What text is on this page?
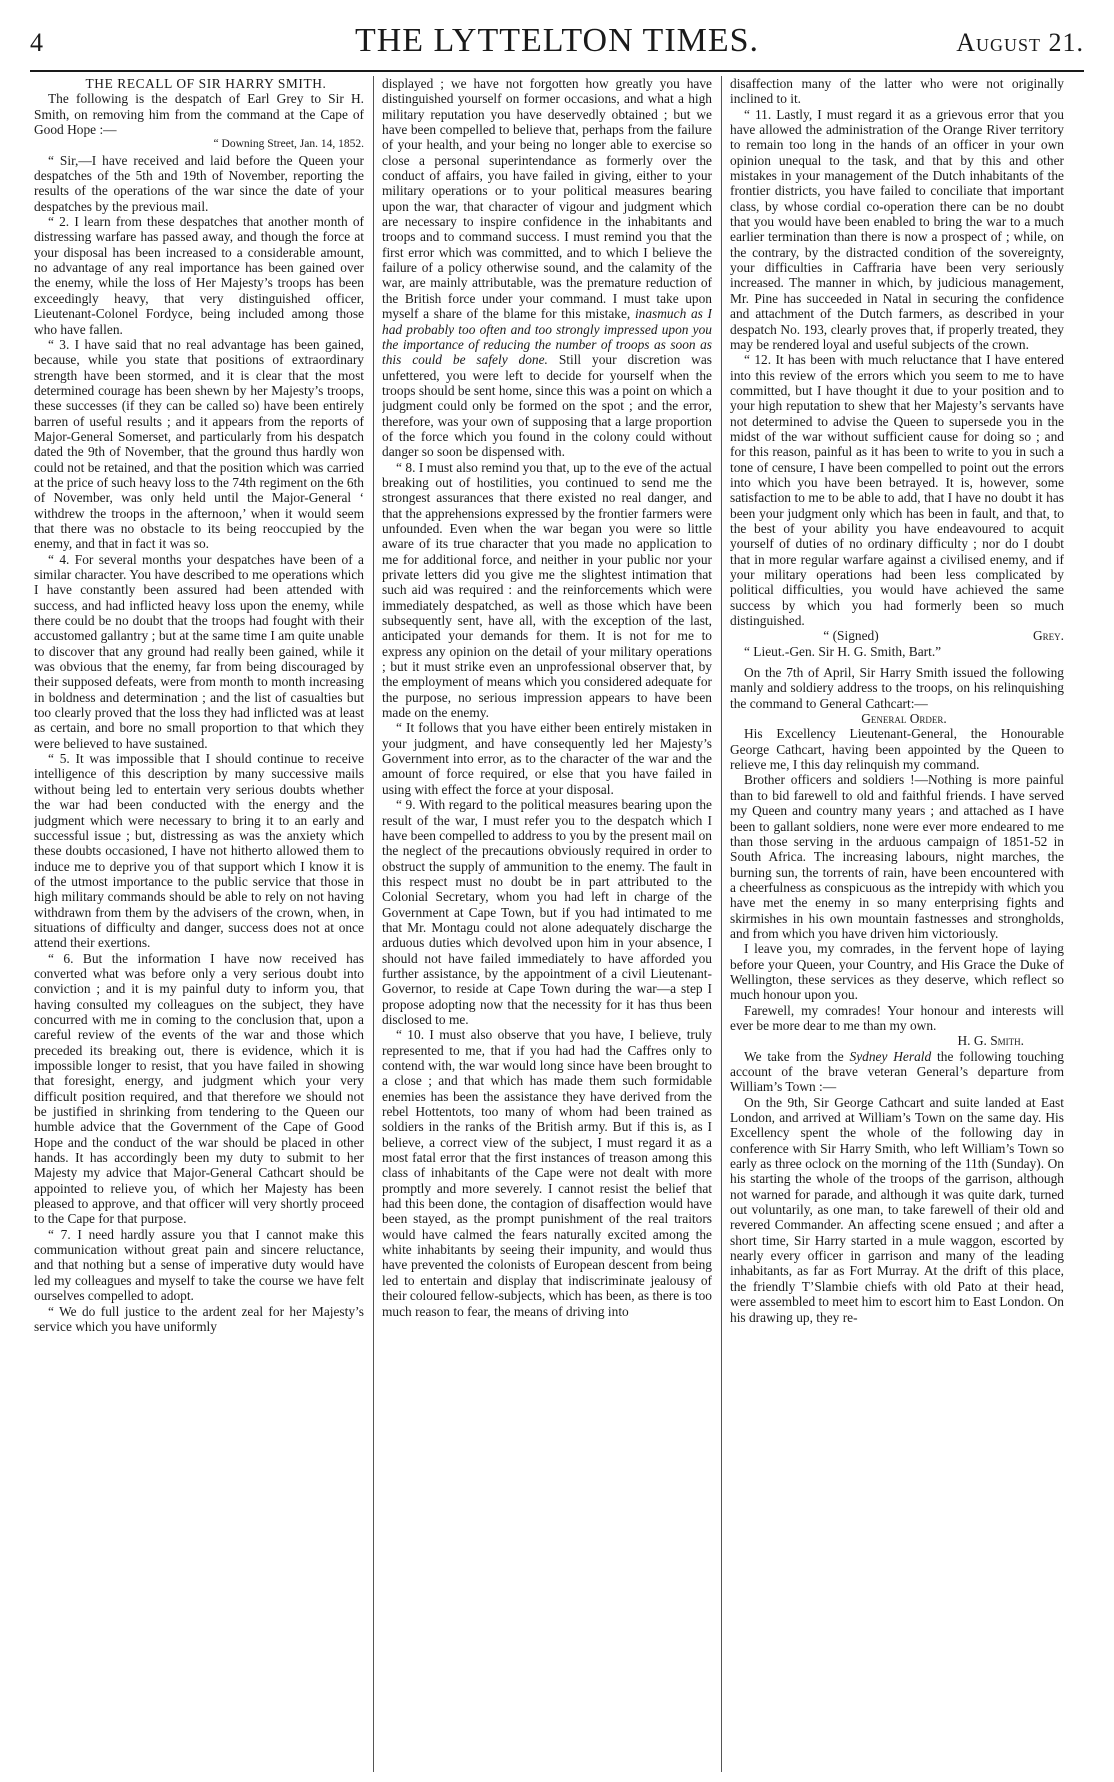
4	THE LYTTELTON TIMES.	August 21.

THE RECALL OF SIR HARRY SMITH.

The following is the despatch of Earl Grey to Sir H. Smith, on removing him from the command at the Cape of Good Hope :—

“ Downing Street, Jan. 14, 1852.

“ Sir,—I have received and laid before the Queen your despatches of the 5th and 19th of November, reporting the results of the operations of the war since the date of your despatches by the previous mail.

“ 2. I learn from these despatches that another month of distressing warfare has passed away, and though the force at your disposal has been increased to a considerable amount, no advantage of any real importance has been gained over the enemy, while the loss of Her Majesty’s troops has been exceedingly heavy, that very distinguished officer, Lieutenant-Colonel Fordyce, being included among those who have fallen.

“ 3. I have said that no real advantage has been gained, because, while you state that positions of extraordinary strength have been stormed, and it is clear that the most determined courage has been shewn by her Majesty’s troops, these successes (if they can be called so) have been entirely barren of useful results ; and it appears from the reports of Major-General Somerset, and particularly from his despatch dated the 9th of November, that the ground thus hardly won could not be retained, and that the position which was carried at the price of such heavy loss to the 74th regiment on the 6th of November, was only held until the Major-General ‘ withdrew the troops in the afternoon,’ when it would seem that there was no obstacle to its being reoccupied by the enemy, and that in fact it was so.

“ 4. For several months your despatches have been of a similar character. You have described to me operations which I have constantly been assured had been attended with success, and had inflicted heavy loss upon the enemy, while there could be no doubt that the troops had fought with their accustomed gallantry ; but at the same time I am quite unable to discover that any ground had really been gained, while it was obvious that the enemy, far from being discouraged by their supposed defeats, were from month to month increasing in boldness and determination ; and the list of casualties but too clearly proved that the loss they had inflicted was at least as certain, and bore no small proportion to that which they were believed to have sustained.

“ 5. It was impossible that I should continue to receive intelligence of this description by many successive mails without being led to entertain very serious doubts whether the war had been conducted with the energy and the judgment which were necessary to bring it to an early and successful issue ; but, distressing as was the anxiety which these doubts occasioned, I have not hitherto allowed them to induce me to deprive you of that support which I know it is of the utmost importance to the public service that those in high military commands should be able to rely on not having withdrawn from them by the advisers of the crown, when, in situations of difficulty and danger, success does not at once attend their exertions.

“ 6. But the information I have now received has converted what was before only a very serious doubt into conviction ; and it is my painful duty to inform you, that having consulted my colleagues on the subject, they have concurred with me in coming to the conclusion that, upon a careful review of the events of the war and those which preceded its breaking out, there is evidence, which it is impossible longer to resist, that you have failed in showing that foresight, energy, and judgment which your very difficult position required, and that therefore we should not be justified in shrinking from tendering to the Queen our humble advice that the Government of the Cape of Good Hope and the conduct of the war should be placed in other hands. It has accordingly been my duty to submit to her Majesty my advice that Major-General Cathcart should be appointed to relieve you, of which her Majesty has been pleased to approve, and that officer will very shortly proceed to the Cape for that purpose.

“ 7. I need hardly assure you that I cannot make this communication without great pain and sincere reluctance, and that nothing but a sense of imperative duty would have led my colleagues and myself to take the course we have felt ourselves compelled to adopt.

“ We do full justice to the ardent zeal for her Majesty’s service which you have uniformly

displayed ; we have not forgotten how greatly you have distinguished yourself on former occasions, and what a high military reputation you have deservedly obtained ; but we have been compelled to believe that, perhaps from the failure of your health, and your being no longer able to exercise so close a personal superintendance as formerly over the conduct of affairs, you have failed in giving, either to your military operations or to your political measures bearing upon the war, that character of vigour and judgment which are necessary to inspire confidence in the inhabitants and troops and to command success. I must remind you that the first error which was committed, and to which I believe the failure of a policy otherwise sound, and the calamity of the war, are mainly attributable, was the premature reduction of the British force under your command. I must take upon myself a share of the blame for this mistake, inasmuch as I had probably too often and too strongly impressed upon you the importance of reducing the number of troops as soon as this could be safely done. Still your discretion was unfettered, you were left to decide for yourself when the troops should be sent home, since this was a point on which a judgment could only be formed on the spot ; and the error, therefore, was your own of supposing that a large proportion of the force which you found in the colony could without danger so soon be dispensed with.

“ 8. I must also remind you that, up to the eve of the actual breaking out of hostilities, you continued to send me the strongest assurances that there existed no real danger, and that the apprehensions expressed by the frontier farmers were unfounded. Even when the war began you were so little aware of its true character that you made no application to me for additional force, and neither in your public nor your private letters did you give me the slightest intimation that such aid was required : and the reinforcements which were immediately despatched, as well as those which have been subsequently sent, have all, with the exception of the last, anticipated your demands for them. It is not for me to express any opinion on the detail of your military operations ; but it must strike even an unprofessional observer that, by the employment of means which you considered adequate for the purpose, no serious impression appears to have been made on the enemy.

“ It follows that you have either been entirely mistaken in your judgment, and have consequently led her Majesty’s Government into error, as to the character of the war and the amount of force required, or else that you have failed in using with effect the force at your disposal.

“ 9. With regard to the political measures bearing upon the result of the war, I must refer you to the despatch which I have been compelled to address to you by the present mail on the neglect of the precautions obviously required in order to obstruct the supply of ammunition to the enemy. The fault in this respect must no doubt be in part attributed to the Colonial Secretary, whom you had left in charge of the Government at Cape Town, but if you had intimated to me that Mr. Montagu could not alone adequately discharge the arduous duties which devolved upon him in your absence, I should not have failed immediately to have afforded you further assistance, by the appointment of a civil Lieutenant-Governor, to reside at Cape Town during the war—a step I propose adopting now that the necessity for it has thus been disclosed to me.

“ 10. I must also observe that you have, I believe, truly represented to me, that if you had had the Caffres only to contend with, the war would long since have been brought to a close ; and that which has made them such formidable enemies has been the assistance they have derived from the rebel Hottentots, too many of whom had been trained as soldiers in the ranks of the British army. But if this is, as I believe, a correct view of the subject, I must regard it as a most fatal error that the first instances of treason among this class of inhabitants of the Cape were not dealt with more promptly and more severely. I cannot resist the belief that had this been done, the contagion of disaffection would have been stayed, as the prompt punishment of the real traitors would have calmed the fears naturally excited among the white inhabitants by seeing their impunity, and would thus have prevented the colonists of European descent from being led to entertain and display that indiscriminate jealousy of their coloured fellow-subjects, which has been, as there is too much reason to fear, the means of driving into

disaffection many of the latter who were not originally inclined to it.

“ 11. Lastly, I must regard it as a grievous error that you have allowed the administration of the Orange River territory to remain too long in the hands of an officer in your own opinion unequal to the task, and that by this and other mistakes in your management of the Dutch inhabitants of the frontier districts, you have failed to conciliate that important class, by whose cordial co-operation there can be no doubt that you would have been enabled to bring the war to a much earlier termination than there is now a prospect of ; while, on the contrary, by the distracted condition of the sovereignty, your difficulties in Caffraria have been very seriously increased. The manner in which, by judicious management, Mr. Pine has succeeded in Natal in securing the confidence and attachment of the Dutch farmers, as described in your despatch No. 193, clearly proves that, if properly treated, they may be rendered loyal and useful subjects of the crown.

“ 12. It has been with much reluctance that I have entered into this review of the errors which you seem to me to have committed, but I have thought it due to your position and to your high reputation to shew that her Majesty’s servants have not determined to advise the Queen to supersede you in the midst of the war without sufficient cause for doing so ; and for this reason, painful as it has been to write to you in such a tone of censure, I have been compelled to point out the errors into which you have been betrayed. It is, however, some satisfaction to me to be able to add, that I have no doubt it has been your judgment only which has been in fault, and that, to the best of your ability you have endeavoured to acquit yourself of duties of no ordinary difficulty ; nor do I doubt that in more regular warfare against a civilised enemy, and if your military operations had been less complicated by political difficulties, you would have achieved the same success by which you had formerly been so much distinguished.

“ (Signed)	Grey.

“ Lieut.-Gen. Sir H. G. Smith, Bart.”

On the 7th of April, Sir Harry Smith issued the following manly and soldiery address to the troops, on his relinquishing the command to General Cathcart:—

General Order.

His Excellency Lieutenant-General, the Honourable George Cathcart, having been appointed by the Queen to relieve me, I this day relinquish my command.

Brother officers and soldiers !—Nothing is more painful than to bid farewell to old and faithful friends. I have served my Queen and country many years ; and attached as I have been to gallant soldiers, none were ever more endeared to me than those serving in the arduous campaign of 1851-52 in South Africa. The increasing labours, night marches, the burning sun, the torrents of rain, have been encountered with a cheerfulness as conspicuous as the intrepidy with which you have met the enemy in so many enterprising fights and skirmishes in his own mountain fastnesses and strongholds, and from which you have driven him victoriously.

I leave you, my comrades, in the fervent hope of laying before your Queen, your Country, and His Grace the Duke of Wellington, these services as they deserve, which reflect so much honour upon you.

Farewell, my comrades! Your honour and interests will ever be more dear to me than my own.

H. G. Smith.

We take from the Sydney Herald the following touching account of the brave veteran General’s departure from William’s Town :—

On the 9th, Sir George Cathcart and suite landed at East London, and arrived at William’s Town on the same day. His Excellency spent the whole of the following day in conference with Sir Harry Smith, who left William’s Town so early as three oclock on the morning of the 11th (Sunday). On his starting the whole of the troops of the garrison, although not warned for parade, and although it was quite dark, turned out voluntarily, as one man, to take farewell of their old and revered Commander. An affecting scene ensued ; and after a short time, Sir Harry started in a mule waggon, escorted by nearly every officer in garrison and many of the leading inhabitants, as far as Fort Murray. At the drift of this place, the friendly T’Slambie chiefs with old Pato at their head, were assembled to meet him to escort him to East London. On his drawing up, they re-
